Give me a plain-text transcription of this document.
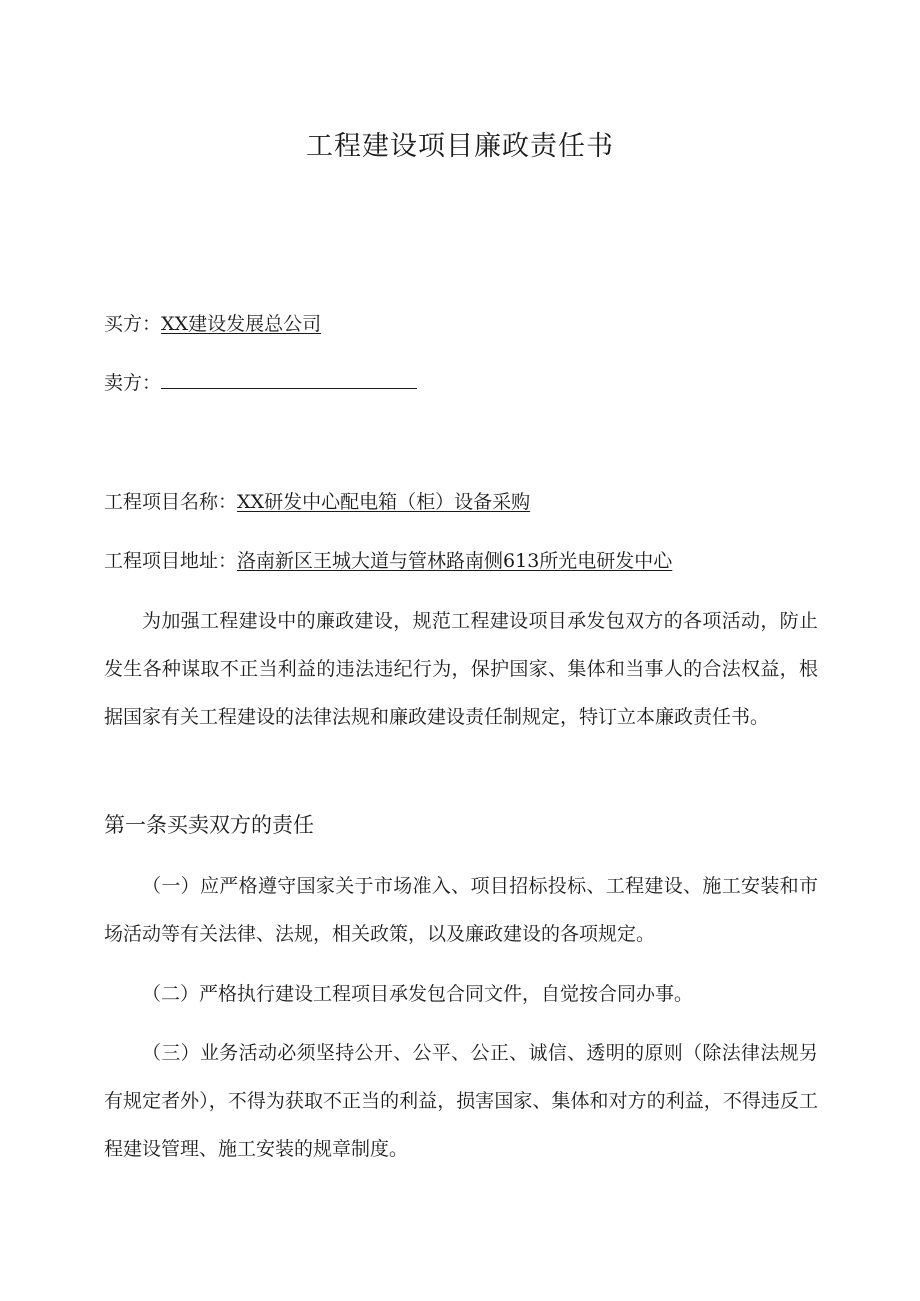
工程建设项目廉政责任书
买方：XX建设发展总公司
卖方：
工程项目名称：XX研发中心配电箱（柜）设备采购
工程项目地址：洛南新区王城大道与管林路南侧613所光电研发中心
为加强工程建设中的廉政建设，规范工程建设项目承发包双方的各项活动，防止发生各种谋取不正当利益的违法违纪行为，保护国家、集体和当事人的合法权益，根据国家有关工程建设的法律法规和廉政建设责任制规定，特订立本廉政责任书。
第一条买卖双方的责任
（一）应严格遵守国家关于市场准入、项目招标投标、工程建设、施工安装和市场活动等有关法律、法规，相关政策，以及廉政建设的各项规定。
（二）严格执行建设工程项目承发包合同文件，自觉按合同办事。
（三）业务活动必须坚持公开、公平、公正、诚信、透明的原则（除法律法规另有规定者外），不得为获取不正当的利益，损害国家、集体和对方的利益，不得违反工程建设管理、施工安装的规章制度。
